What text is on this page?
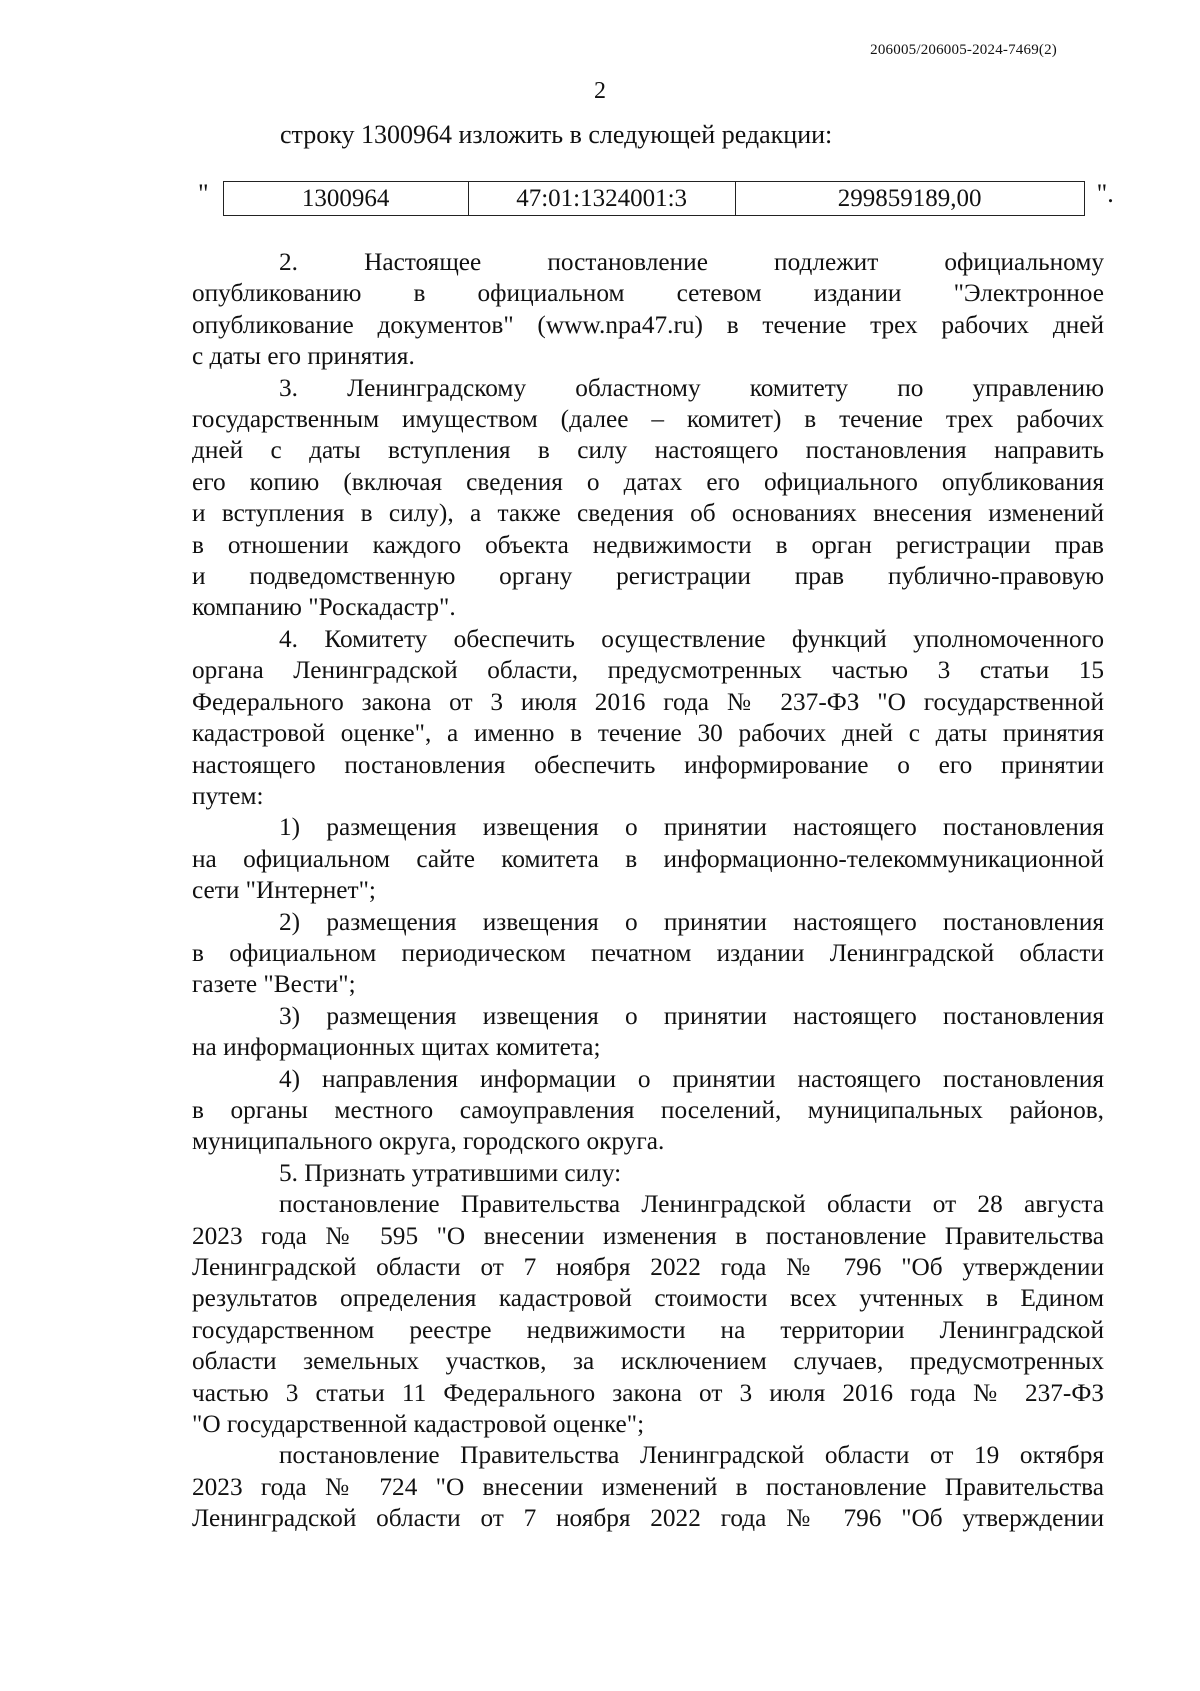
206005/206005-2024-7469(2)
2
строку 1300964 изложить в следующей редакции:
"	1300964	47:01:1324001:3	299859189,00	".

2. Настоящее постановление подлежит официальному

опубликованию в официальном сетевом издании "Электронное

опубликование документов" (www.npa47.ru) в течение трех рабочих дней

с даты его принятия.

3. Ленинградскому областному комитету по управлению

государственным имуществом (далее – комитет) в течение трех рабочих

дней с даты вступления в силу настоящего постановления направить

его копию (включая сведения о датах его официального опубликования

и вступления в силу), а также сведения об основаниях внесения изменений

в отношении каждого объекта недвижимости в орган регистрации прав

и подведомственную органу регистрации прав публично-правовую

компанию "Роскадастр".

4. Комитету обеспечить осуществление функций уполномоченного

органа Ленинградской области, предусмотренных частью 3 статьи 15

Федерального закона от 3 июля 2016 года № 237-ФЗ "О государственной

кадастровой оценке", а именно в течение 30 рабочих дней с даты принятия

настоящего постановления обеспечить информирование о его принятии

путем:

1) размещения извещения о принятии настоящего постановления

на официальном сайте комитета в информационно-телекоммуникационной

сети "Интернет";

2) размещения извещения о принятии настоящего постановления

в официальном периодическом печатном издании Ленинградской области

газете "Вести";

3) размещения извещения о принятии настоящего постановления

на информационных щитах комитета;

4) направления информации о принятии настоящего постановления

в органы местного самоуправления поселений, муниципальных районов,

муниципального округа, городского округа.

5. Признать утратившими силу:

постановление Правительства Ленинградской области от 28 августа

2023 года № 595 "О внесении изменения в постановление Правительства

Ленинградской области от 7 ноября 2022 года № 796 "Об утверждении

результатов определения кадастровой стоимости всех учтенных в Едином

государственном реестре недвижимости на территории Ленинградской

области земельных участков, за исключением случаев, предусмотренных

частью 3 статьи 11 Федерального закона от 3 июля 2016 года № 237-ФЗ

"О государственной кадастровой оценке";

постановление Правительства Ленинградской области от 19 октября

2023 года № 724 "О внесении изменений в постановление Правительства

Ленинградской области от 7 ноября 2022 года № 796 "Об утверждении
